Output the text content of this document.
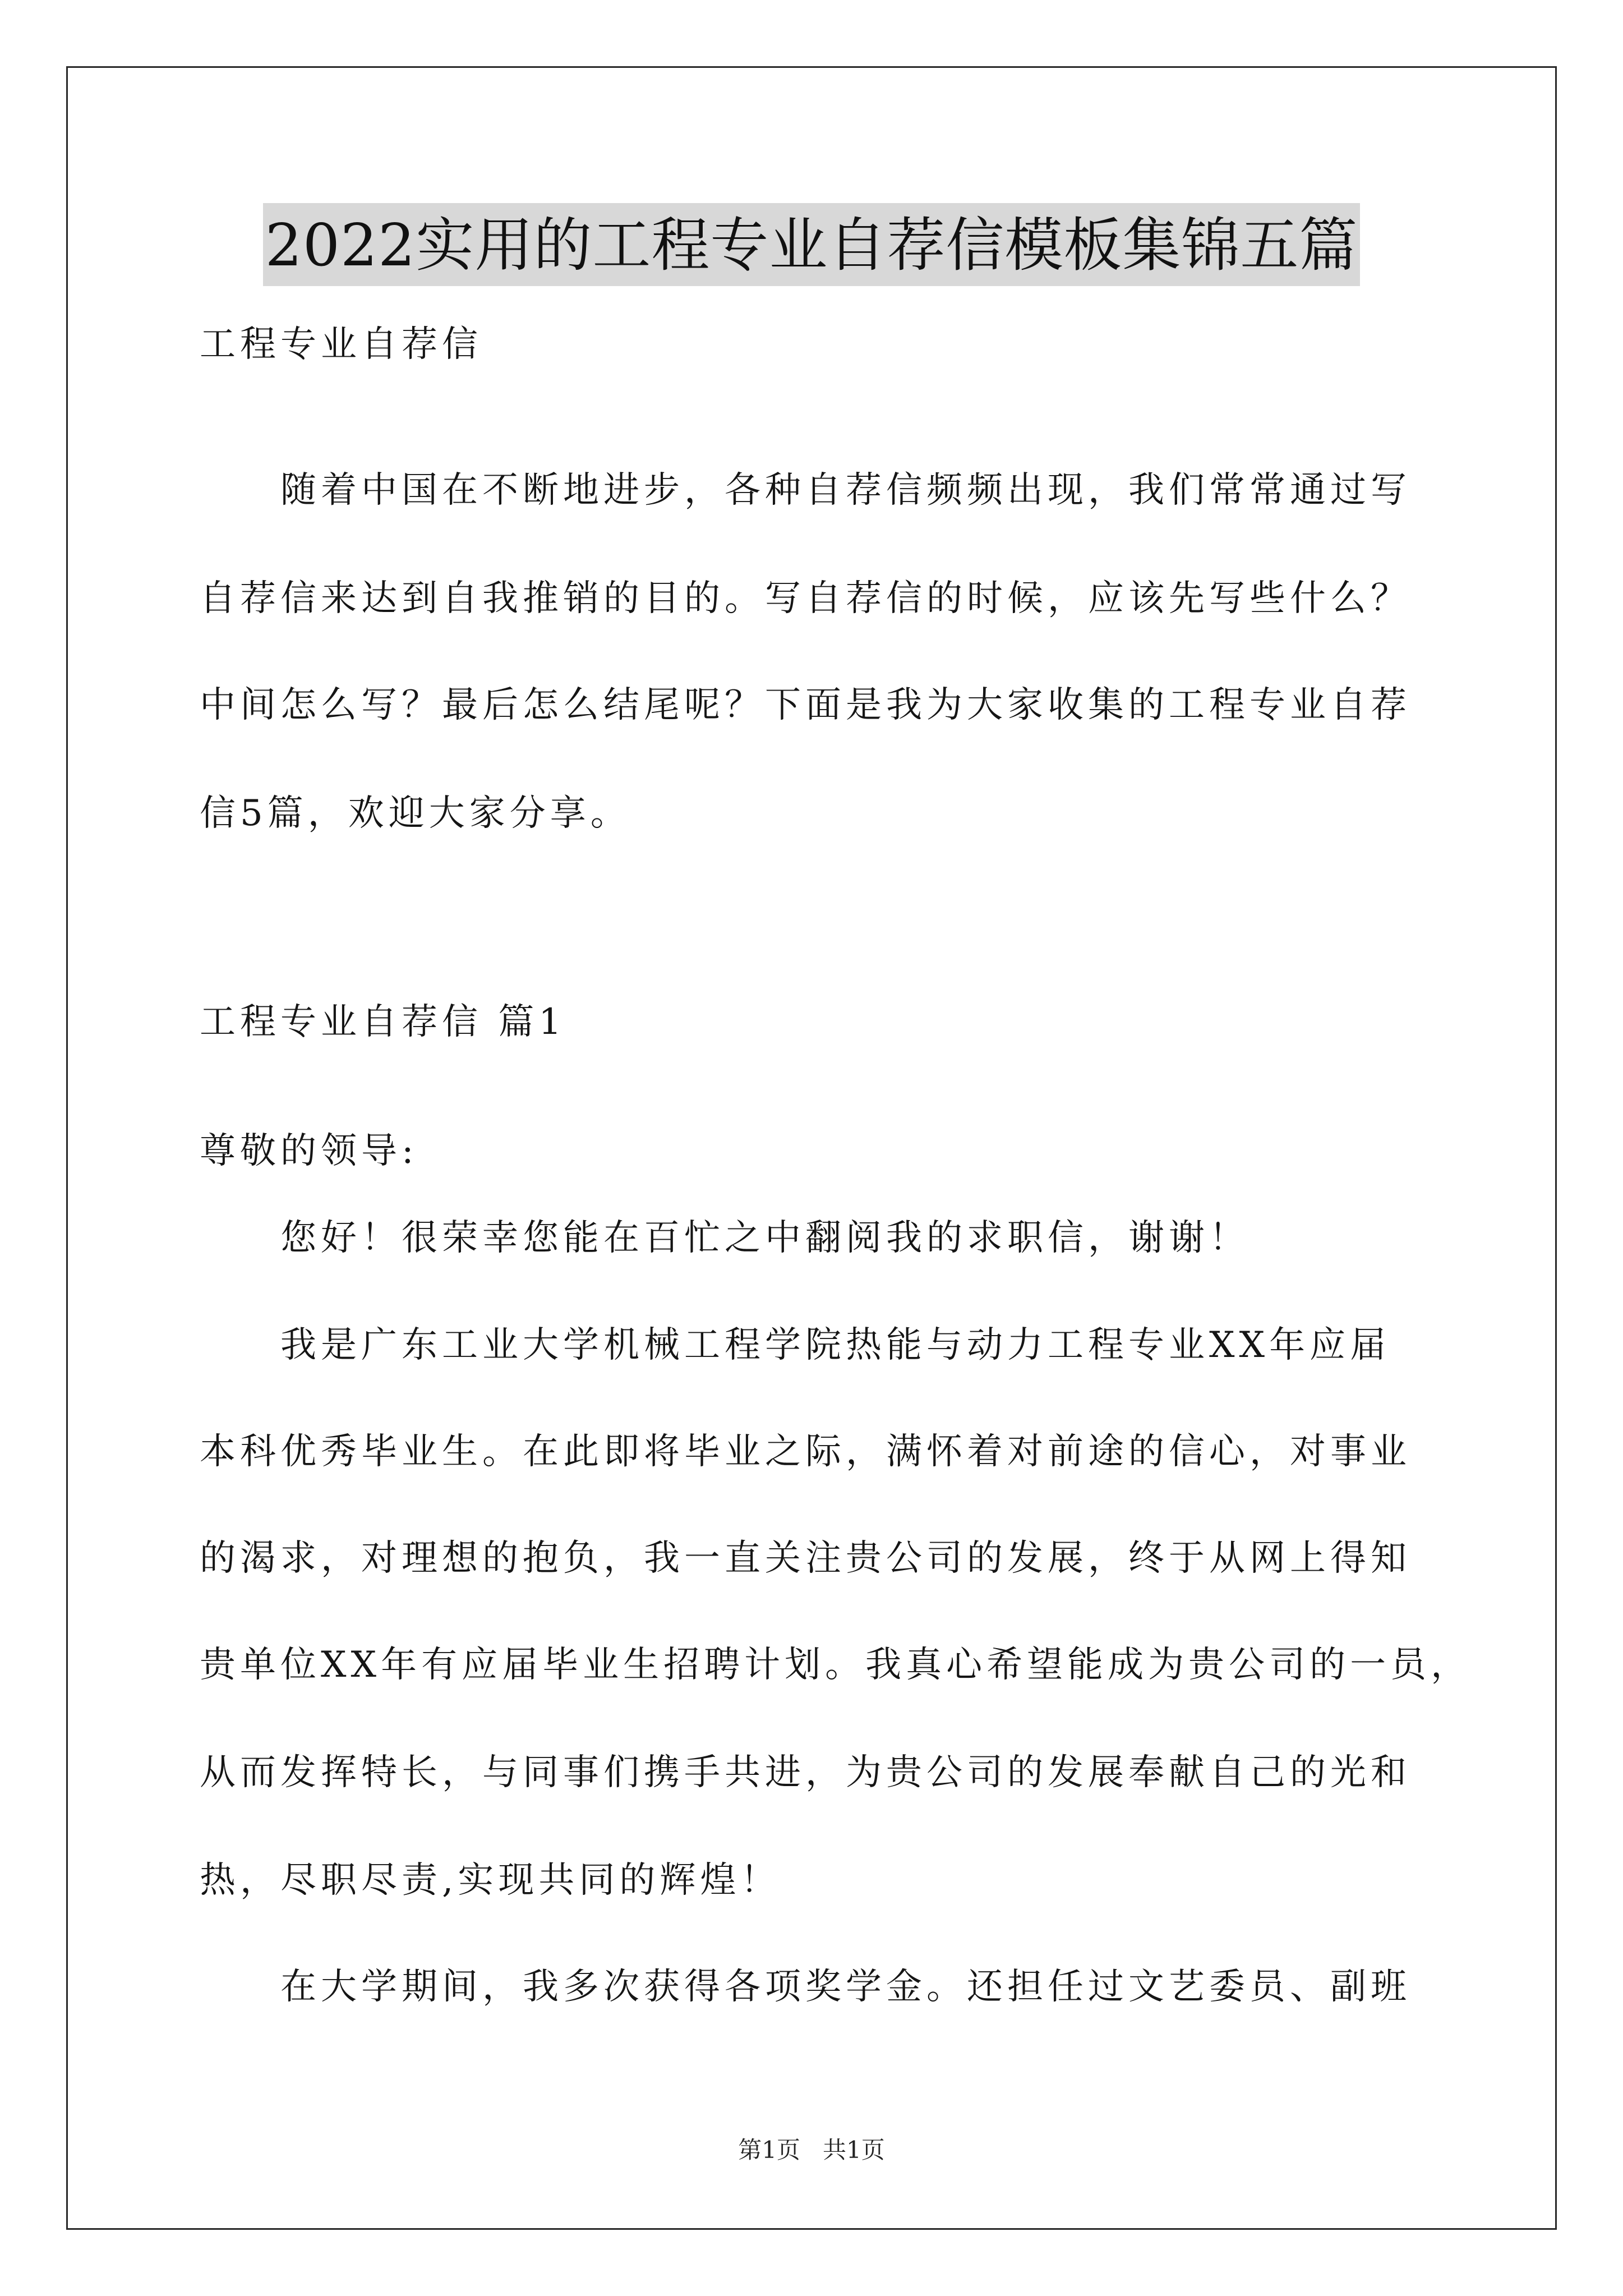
2022实用的工程专业自荐信模板集锦五篇
工程专业自荐信
随着中国在不断地进步，各种自荐信频频出现，我们常常通过写
自荐信来达到自我推销的目的。写自荐信的时候，应该先写些什么？
中间怎么写？最后怎么结尾呢？下面是我为大家收集的工程专业自荐
信5篇，欢迎大家分享。
工程专业自荐信 篇1
尊敬的领导:
您好！很荣幸您能在百忙之中翻阅我的求职信，谢谢！
我是广东工业大学机械工程学院热能与动力工程专业XX年应届
本科优秀毕业生。在此即将毕业之际，满怀着对前途的信心，对事业
的渴求，对理想的抱负，我一直关注贵公司的发展，终于从网上得知
贵单位XX年有应届毕业生招聘计划。我真心希望能成为贵公司的一员，
从而发挥特长，与同事们携手共进，为贵公司的发展奉献自己的光和
热，尽职尽责,实现共同的辉煌！
在大学期间，我多次获得各项奖学金。还担任过文艺委员、副班
第1页   共1页
